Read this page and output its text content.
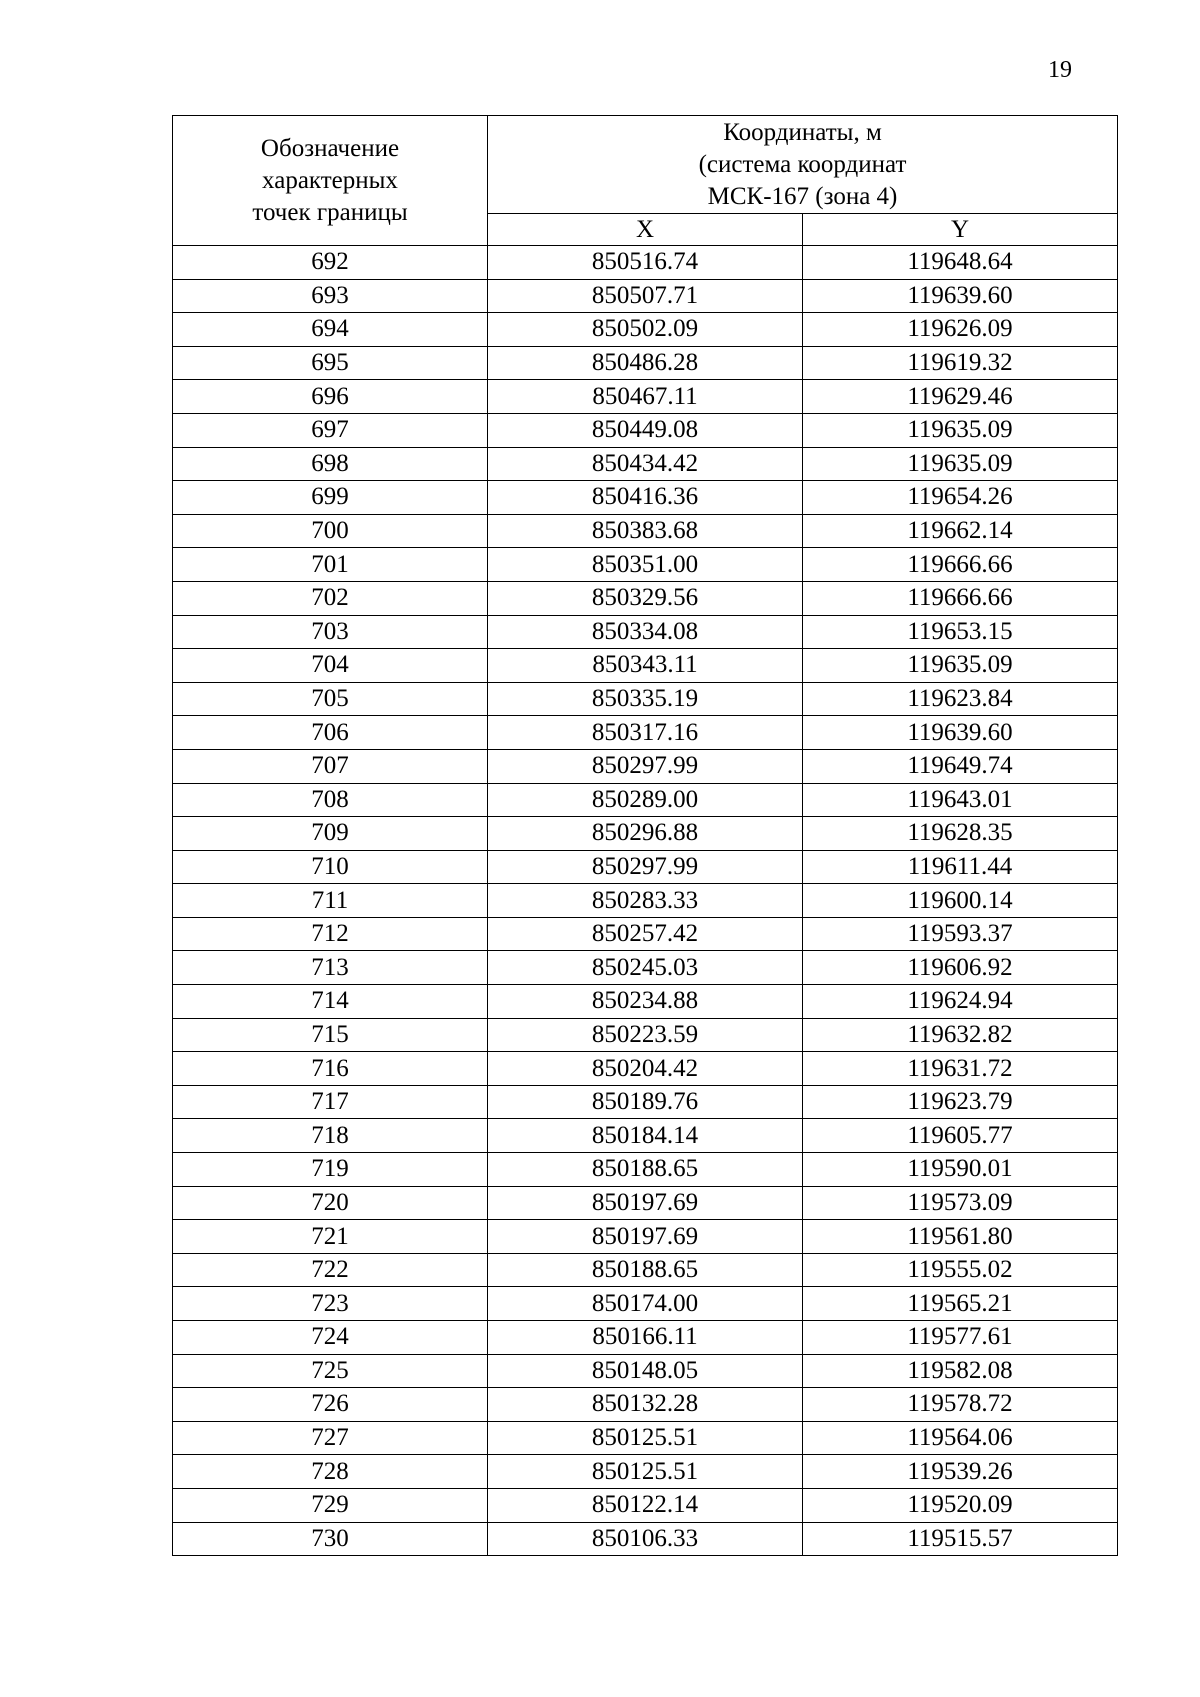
19
Обозначение
характерных
точек границы	Координаты, м
(система координат
МСК-167 (зона 4)	

	X	Y
692	850516.74	119648.64
693	850507.71	119639.60
694	850502.09	119626.09
695	850486.28	119619.32
696	850467.11	119629.46
697	850449.08	119635.09
698	850434.42	119635.09
699	850416.36	119654.26
700	850383.68	119662.14
701	850351.00	119666.66
702	850329.56	119666.66
703	850334.08	119653.15
704	850343.11	119635.09
705	850335.19	119623.84
706	850317.16	119639.60
707	850297.99	119649.74
708	850289.00	119643.01
709	850296.88	119628.35
710	850297.99	119611.44
711	850283.33	119600.14
712	850257.42	119593.37
713	850245.03	119606.92
714	850234.88	119624.94
715	850223.59	119632.82
716	850204.42	119631.72
717	850189.76	119623.79
718	850184.14	119605.77
719	850188.65	119590.01
720	850197.69	119573.09
721	850197.69	119561.80
722	850188.65	119555.02
723	850174.00	119565.21
724	850166.11	119577.61
725	850148.05	119582.08
726	850132.28	119578.72
727	850125.51	119564.06
728	850125.51	119539.26
729	850122.14	119520.09
730	850106.33	119515.57
